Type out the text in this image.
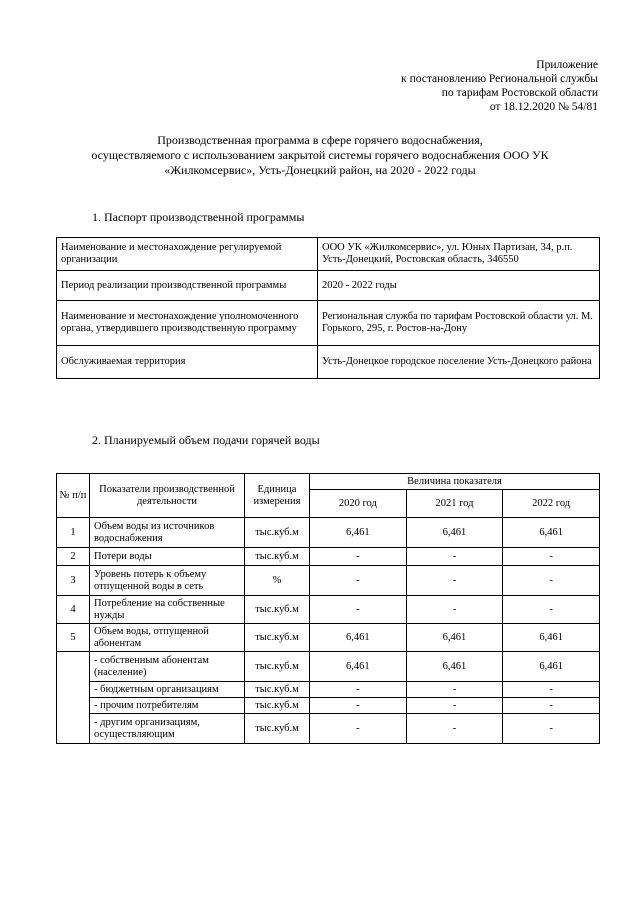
Приложение
к постановлению Региональной службы
по тарифам Ростовской области
от 18.12.2020 № 54/81
Производственная программа в сфере горячего водоснабжения,
осуществляемого с использованием закрытой системы горячего водоснабжения ООО УК
«Жилкомсервис», Усть-Донецкий район, на 2020 - 2022 годы
1. Паспорт производственной программы
Наименование и местонахождение регулируемой организации	ООО УК «Жилкомсервис», ул. Юных Партизан, 34, р.п. Усть-Донецкий, Ростовская область, 346550
Период реализации производственной программы	2020 - 2022 годы
Наименование и местонахождение уполномоченного органа, утвердившего производственную программу	Региональная служба по тарифам Ростовской области ул. М. Горького, 295, г. Ростов-на-Дону
Обслуживаемая территория	Усть-Донецкое городское поселение Усть-Донецкого района
2. Планируемый объем подачи горячей воды
№ п/п	Показатели производственной деятельности	Единица измерения	Величина показателя		
			2020 год	2021 год	2022 год
1	Объем воды из источников водоснабжения	тыс.куб.м	6,461	6,461	6,461
2	Потери воды	тыс.куб.м	-	-	-
3	Уровень потерь к объему отпущенной воды в сеть	%	-	-	-
4	Потребление на собственные нужды	тыс.куб.м	-	-	-
5	Объем воды, отпущенной абонентам	тыс.куб.м	6,461	6,461	6,461
	- собственным абонентам (население)	тыс.куб.м	6,461	6,461	6,461
	- бюджетным организациям	тыс.куб.м	-	-	-
	- прочим потребителям	тыс.куб.м	-	-	-
	- другим организациям, осуществляющим	тыс.куб.м	-	-	-
